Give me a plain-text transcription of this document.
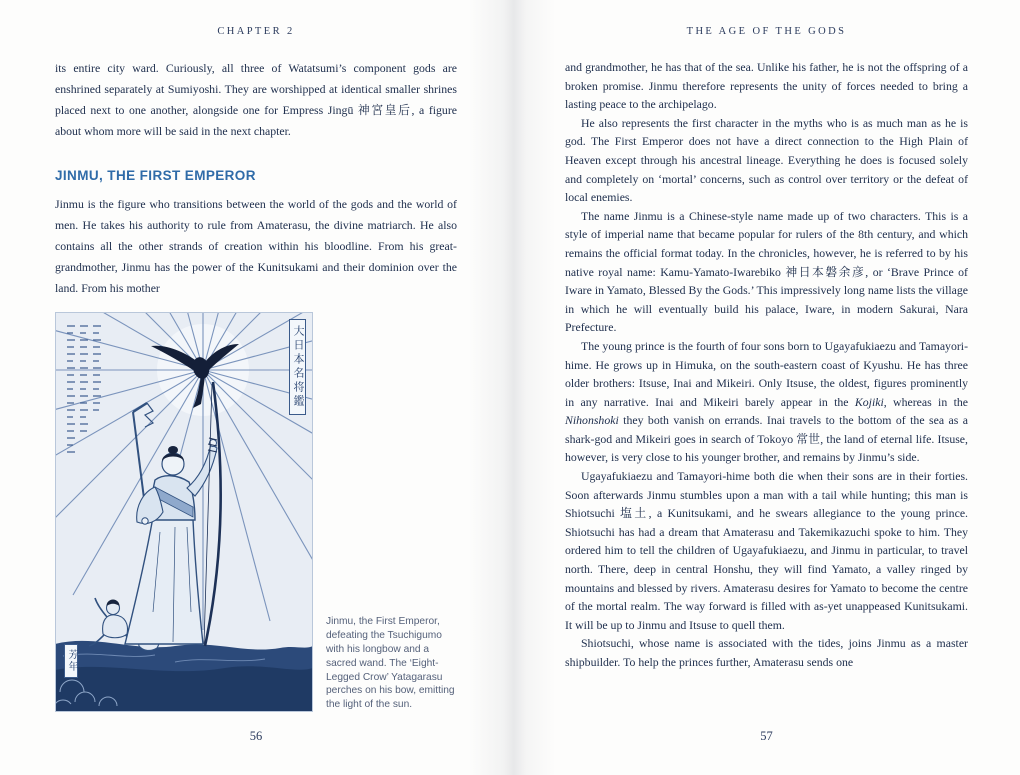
CHAPTER 2

its entire city ward. Curiously, all three of Watatsumi’s component gods are enshrined separately at Sumiyoshi. They are worshipped at identical smaller shrines placed next to one another, alongside one for Empress Jingū 神宮皇后, a figure about whom more will be said in the next chapter.

JINMU, THE FIRST EMPEROR

Jinmu is the figure who transitions between the world of the gods and the world of men. He takes his authority to rule from Amaterasu, the divine matriarch. He also contains all the other strands of creation within his bloodline. From his great-grandmother, Jinmu has the power of the Kunitsukami and their dominion over the land. From his mother

大日本名将鑑
芳年
Jinmu, the First Emperor, defeating the Tsuchigumo with his longbow and a sacred wand. The ‘Eight-Legged Crow’ Yatagarasu perches on his bow, emitting the light of the sun.
56
THE AGE OF THE GODS

and grandmother, he has that of the sea. Unlike his father, he is not the offspring of a broken promise. Jinmu therefore represents the unity of forces needed to bring a lasting peace to the archipelago.

He also represents the first character in the myths who is as much man as he is god. The First Emperor does not have a direct connection to the High Plain of Heaven except through his ancestral lineage. Everything he does is focused solely and completely on ‘mortal’ concerns, such as control over territory or the defeat of local enemies.

The name Jinmu is a Chinese-style name made up of two characters. This is a style of imperial name that became popular for rulers of the 8th century, and which remains the official format today. In the chronicles, however, he is referred to by his native royal name: Kamu-Yamato-Iwarebiko 神日本磐余彦, or ‘Brave Prince of Iware in Yamato, Blessed By the Gods.’ This impressively long name lists the village in which he will eventually build his palace, Iware, in modern Sakurai, Nara Prefecture.

The young prince is the fourth of four sons born to Ugayafukiaezu and Tamayori-hime. He grows up in Himuka, on the south-eastern coast of Kyushu. He has three older brothers: Itsuse, Inai and Mikeiri. Only Itsuse, the oldest, figures prominently in any narrative. Inai and Mikeiri barely appear in the Kojiki, whereas in the Nihonshoki they both vanish on errands. Inai travels to the bottom of the sea as a shark-god and Mikeiri goes in search of Tokoyo 常世, the land of eternal life. Itsuse, however, is very close to his younger brother, and remains by Jinmu’s side.

Ugayafukiaezu and Tamayori-hime both die when their sons are in their forties. Soon afterwards Jinmu stumbles upon a man with a tail while hunting; this man is Shiotsuchi 塩土, a Kunitsukami, and he swears allegiance to the young prince. Shiotsuchi has had a dream that Amaterasu and Takemikazuchi spoke to him. They ordered him to tell the children of Ugayafukiaezu, and Jinmu in particular, to travel north. There, deep in central Honshu, they will find Yamato, a valley ringed by mountains and blessed by rivers. Amaterasu desires for Yamato to become the centre of the mortal realm. The way forward is filled with as-yet unappeased Kunitsukami. It will be up to Jinmu and Itsuse to quell them.

Shiotsuchi, whose name is associated with the tides, joins Jinmu as a master shipbuilder. To help the princes further, Amaterasu sends one

57
